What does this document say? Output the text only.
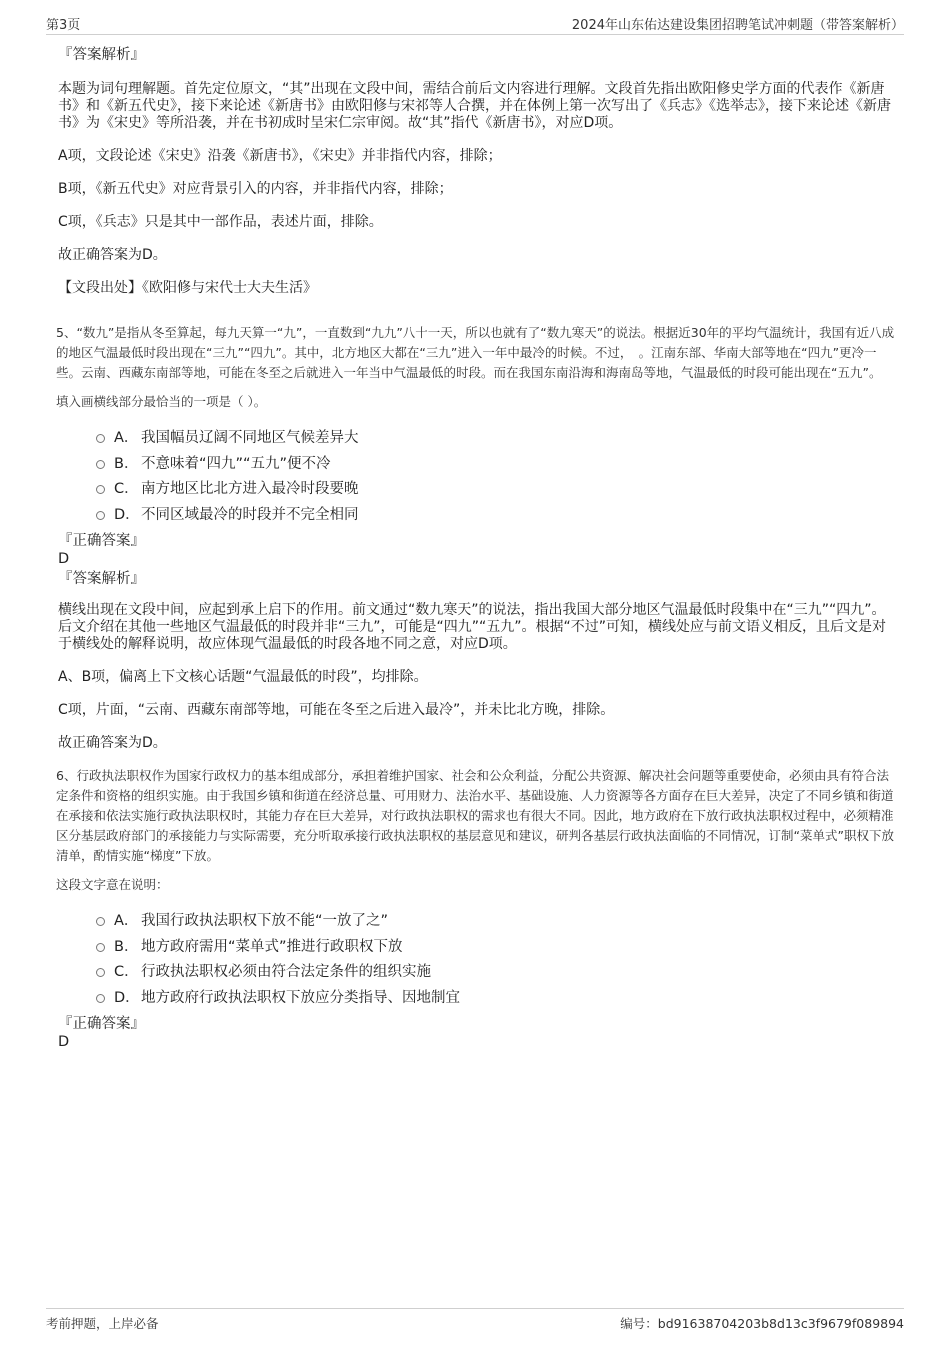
第3页	2024年山东佑达建设集团招聘笔试冲刺题（带答案解析）
『答案解析』

本题为词句理解题。首先定位原文，“其”出现在文段中间，需结合前后文内容进行理解。文段首先指出欧阳修史学方面的代表作《新唐书》和《新五代史》，接下来论述《新唐书》由欧阳修与宋祁等人合撰，并在体例上第一次写出了《兵志》《选举志》，接下来论述《新唐书》为《宋史》等所沿袭，并在书初成时呈宋仁宗审阅。故“其”指代《新唐书》，对应D项。

A项，文段论述《宋史》沿袭《新唐书》，《宋史》并非指代内容，排除；

B项，《新五代史》对应背景引入的内容，并非指代内容，排除；

C项，《兵志》只是其中一部作品，表述片面，排除。

故正确答案为D。

【文段出处】《欧阳修与宋代士大夫生活》

5、“数九”是指从冬至算起，每九天算一“九”，一直数到“九九”八十一天，所以也就有了“数九寒天”的说法。根据近30年的平均气温统计，我国有近八成的地区气温最低时段出现在“三九”“四九”。其中，北方地区大都在“三九”进入一年中最冷的时候。不过，　。江南东部、华南大部等地在“四九”更冷一些。云南、西藏东南部等地，可能在冬至之后就进入一年当中气温最低的时段。而在我国东南沿海和海南岛等地，气温最低的时段可能出现在“五九”。

填入画横线部分最恰当的一项是（ ）。

A． 我国幅员辽阔不同地区气候差异大
B． 不意味着“四九”“五九”便不冷
C． 南方地区比北方进入最冷时段要晚
D． 不同区域最冷的时段并不完全相同
『正确答案』
D
『答案解析』

横线出现在文段中间，应起到承上启下的作用。前文通过“数九寒天”的说法，指出我国大部分地区气温最低时段集中在“三九”“四九”。后文介绍在其他一些地区气温最低的时段并非“三九”，可能是“四九”“五九”。根据“不过”可知，横线处应与前文语义相反，且后文是对于横线处的解释说明，故应体现气温最低的时段各地不同之意，对应D项。

A、B项，偏离上下文核心话题“气温最低的时段”，均排除。

C项，片面，“云南、西藏东南部等地，可能在冬至之后进入最冷”，并未比北方晚，排除。

故正确答案为D。

6、行政执法职权作为国家行政权力的基本组成部分，承担着维护国家、社会和公众利益，分配公共资源、解决社会问题等重要使命，必须由具有符合法定条件和资格的组织实施。由于我国乡镇和街道在经济总量、可用财力、法治水平、基础设施、人力资源等各方面存在巨大差异，决定了不同乡镇和街道在承接和依法实施行政执法职权时，其能力存在巨大差异，对行政执法职权的需求也有很大不同。因此，地方政府在下放行政执法职权过程中，必须精准区分基层政府部门的承接能力与实际需要，充分听取承接行政执法职权的基层意见和建议，研判各基层行政执法面临的不同情况，订制“菜单式”职权下放清单，酌情实施“梯度”下放。

这段文字意在说明：

A． 我国行政执法职权下放不能“一放了之”
B． 地方政府需用“菜单式”推进行政职权下放
C． 行政执法职权必须由符合法定条件的组织实施
D． 地方政府行政执法职权下放应分类指导、因地制宜
『正确答案』
D
考前押题，上岸必备	编号：bd91638704203b8d13c3f9679f089894
